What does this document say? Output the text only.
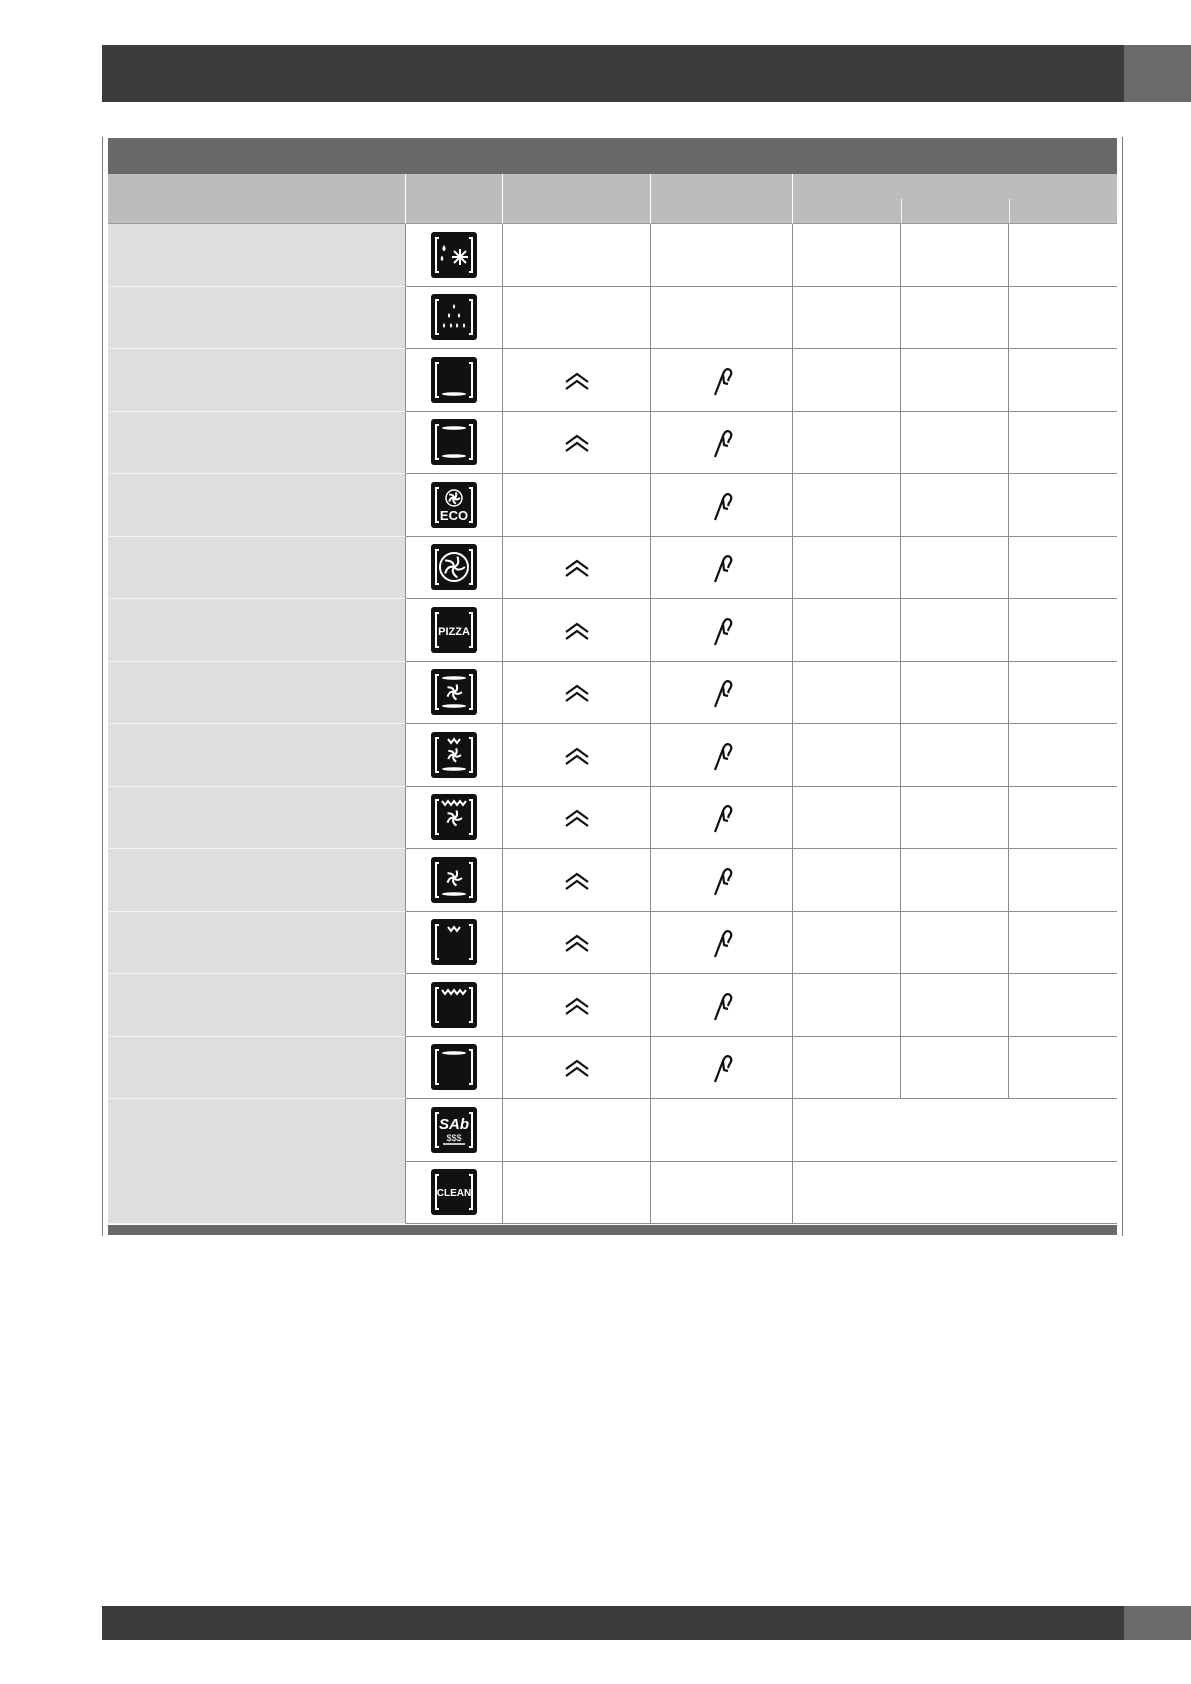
ECO
PIZZA
SAb
$$$
CLEAN
